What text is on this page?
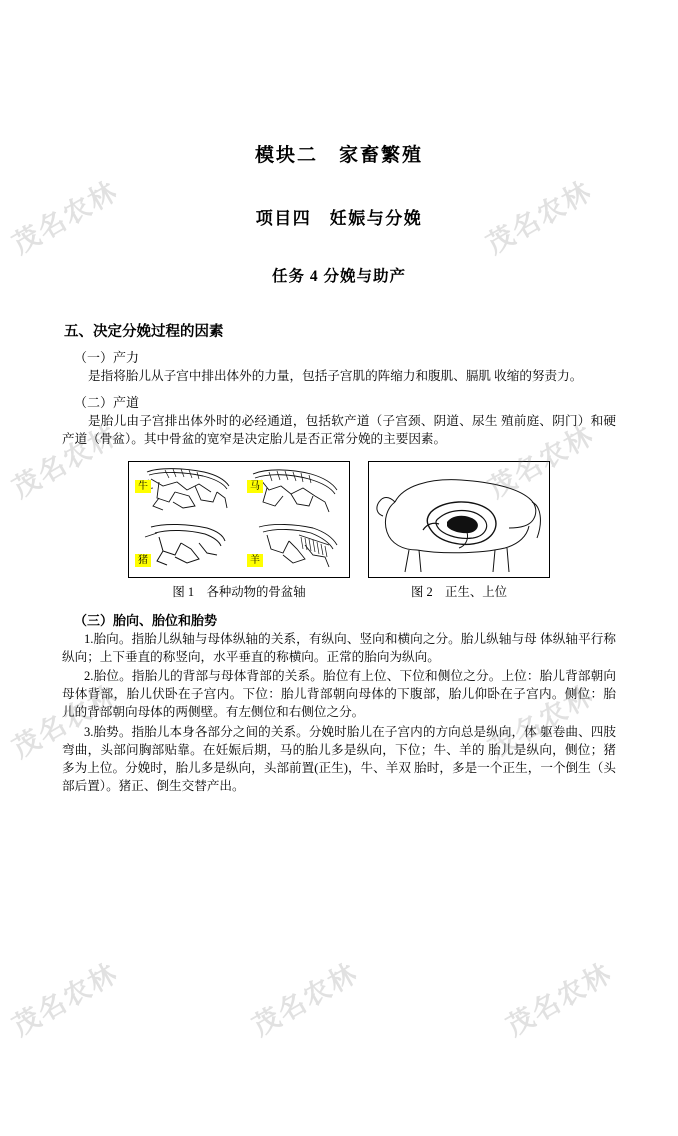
茂名农林
茂名农林
茂名农林
茂名农林	茂名农林
茂名农林
茂名农林
茂名农林
茂名农林
模块二　家畜繁殖
项目四　妊娠与分娩
任务 4 分娩与助产
五、决定分娩过程的因素
（一）产力
是指将胎儿从子宫中排出体外的力量，包括子宫肌的阵缩力和腹肌、膈肌 收缩的努责力。
（二）产道
是胎儿由子宫排出体外时的必经通道，包括软产道（子宫颈、阴道、尿生 殖前庭、阴门）和硬产道（骨盆）。其中骨盆的宽窄是决定胎儿是否正常分娩的主要因素。
牛	马
猪	羊
图 1　各种动物的骨盆轴	图 2　正生、上位
（三）胎向、胎位和胎势
1.胎向。指胎儿纵轴与母体纵轴的关系，有纵向、竖向和横向之分。胎儿纵轴与母 体纵轴平行称纵向；上下垂直的称竖向，水平垂直的称横向。正常的胎向为纵向。
2.胎位。指胎儿的背部与母体背部的关系。胎位有上位、下位和侧位之分。上位：胎儿背部朝向母体背部，胎儿伏卧在子宫内。下位：胎儿背部朝向母体的下腹部，胎儿仰卧在子宫内。侧位：胎儿的背部朝向母体的两侧壁。有左侧位和右侧位之分。
3.胎势。指胎儿本身各部分之间的关系。分娩时胎儿在子宫内的方向总是纵向，体 躯卷曲、四肢弯曲，头部问胸部贴靠。在妊娠后期，马的胎儿多是纵向，下位；牛、羊的 胎儿是纵向，侧位；猪多为上位。分娩时，胎儿多是纵向，头部前置(正生)，牛、羊双 胎时，多是一个正生，一个倒生（头部后置）。猪正、倒生交替产出。
